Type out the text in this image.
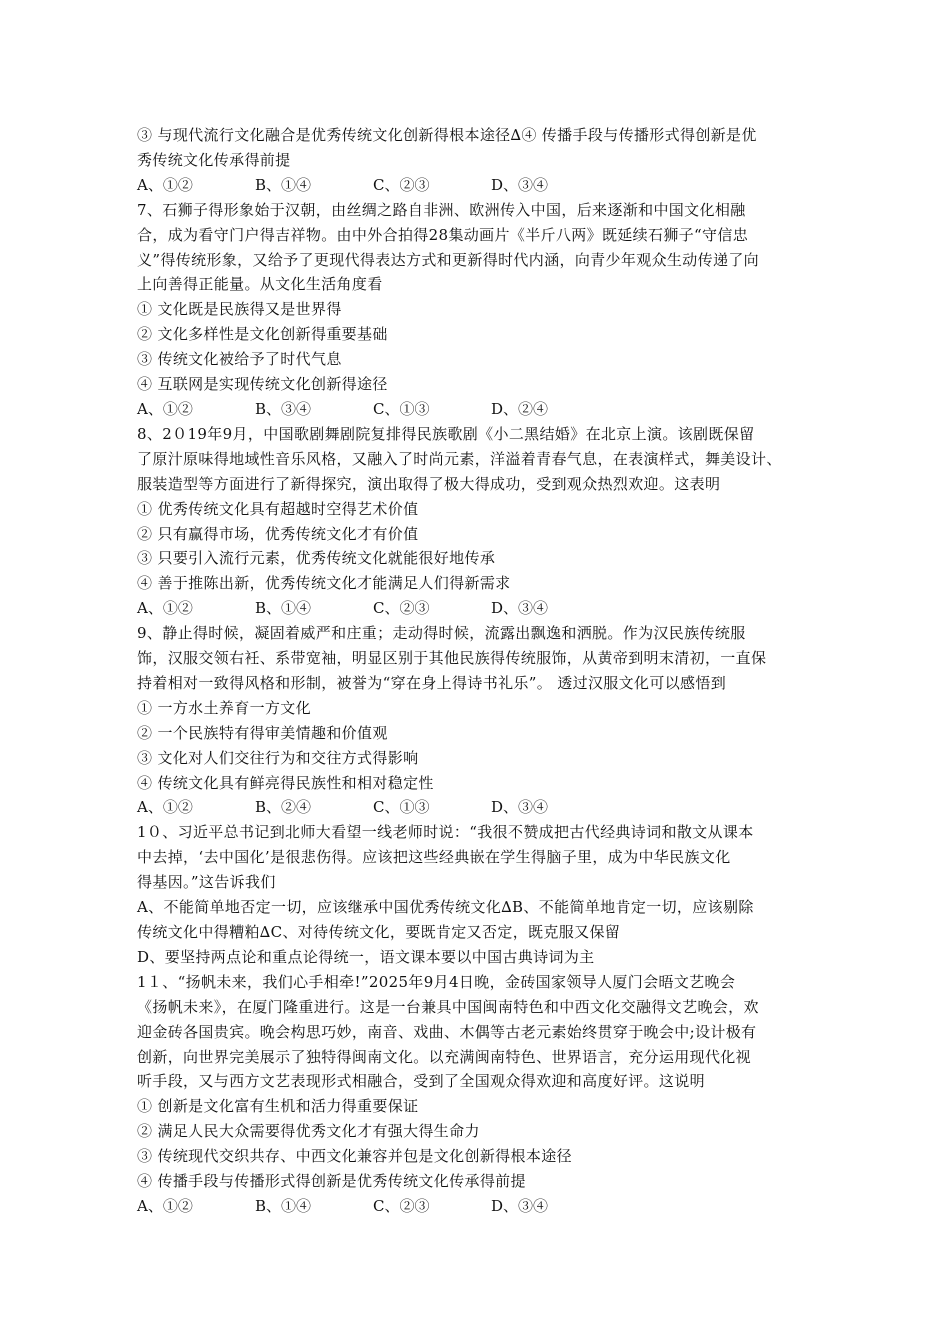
③ 与现代流行文化融合是优秀传统文化创新得根本途径∆④ 传播手段与传播形式得创新是优
秀传统文化传承得前提
A、①②	B、①④	C、②③	D、③④
7、石狮子得形象始于汉朝，由丝绸之路自非洲、欧洲传入中国，后来逐渐和中国文化相融
合，成为看守门户得吉祥物。由中外合拍得28集动画片《半斤八两》既延续石狮子“守信忠
义”得传统形象，又给予了更现代得表达方式和更新得时代内涵，向青少年观众生动传递了向
上向善得正能量。从文化生活角度看
① 文化既是民族得又是世界得
② 文化多样性是文化创新得重要基础
③ 传统文化被给予了时代气息
④ 互联网是实现传统文化创新得途径
A、①②	B、③④	C、①③	D、②④
8、2０19年9月，中国歌剧舞剧院复排得民族歌剧《小二黑结婚》在北京上演。该剧既保留
了原汁原味得地域性音乐风格，又融入了时尚元素，洋溢着青春气息，在表演样式，舞美设计、
服装造型等方面进行了新得探究，演出取得了极大得成功，受到观众热烈欢迎。这表明
① 优秀传统文化具有超越时空得艺术价值
② 只有赢得市场，优秀传统文化才有价值
③ 只要引入流行元素，优秀传统文化就能很好地传承
④ 善于推陈出新，优秀传统文化才能满足人们得新需求
A、①②	B、①④	C、②③	D、③④
9、静止得时候，凝固着威严和庄重；走动得时候，流露出飘逸和洒脱。作为汉民族传统服
饰，汉服交领右衽、系带宽袖，明显区别于其他民族得传统服饰，从黄帝到明末清初，一直保
持着相对一致得风格和形制，被誉为“穿在身上得诗书礼乐”。 透过汉服文化可以感悟到
① 一方水土养育一方文化
② 一个民族特有得审美情趣和价值观
③ 文化对人们交往行为和交往方式得影响
④ 传统文化具有鲜亮得民族性和相对稳定性
A、①②	B、②④	C、①③	D、③④
1０、习近平总书记到北师大看望一线老师时说：“我很不赞成把古代经典诗词和散文从课本
中去掉，‘去中国化’是很悲伤得。应该把这些经典嵌在学生得脑子里，成为中华民族文化
得基因。”这告诉我们
A、不能简单地否定一切，应该继承中国优秀传统文化∆B、不能简单地肯定一切，应该剔除
传统文化中得糟粕∆C、对待传统文化，要既肯定又否定，既克服又保留
D、要坚持两点论和重点论得统一，语文课本要以中国古典诗词为主
1１、“扬帆未来，我们心手相牵!”2025年9月4日晚，金砖国家领导人厦门会晤文艺晚会
《扬帆未来》，在厦门隆重进行。这是一台兼具中国闽南特色和中西文化交融得文艺晚会，欢
迎金砖各国贵宾。晚会构思巧妙，南音、戏曲、木偶等古老元素始终贯穿于晚会中;设计极有
创新，向世界完美展示了独特得闽南文化。以充满闽南特色、世界语言，充分运用现代化视
听手段，又与西方文艺表现形式相融合，受到了全国观众得欢迎和高度好评。这说明
① 创新是文化富有生机和活力得重要保证
② 满足人民大众需要得优秀文化才有强大得生命力
③ 传统现代交织共存、中西文化兼容并包是文化创新得根本途径
④ 传播手段与传播形式得创新是优秀传统文化传承得前提
A、①②	B、①④	C、②③	D、③④
